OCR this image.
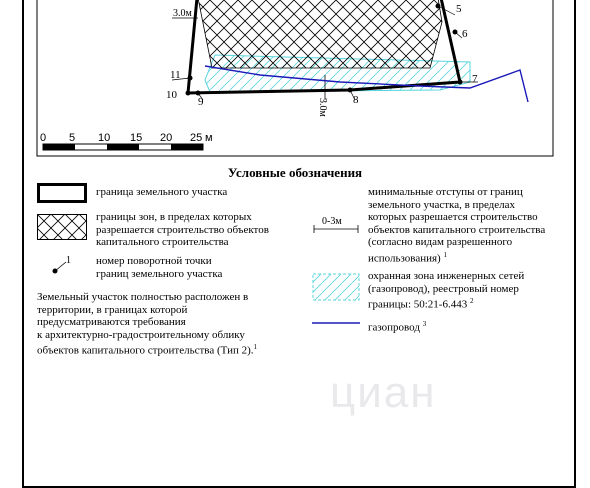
5
6
7
8
9
10
11
3.0м
3.0м
0 5 10 15 20 25 м
Условные обозначения
1
0-3м
граница земельного участка
границы зон, в пределах которых
разрешается строительство объектов
капитального строительства
номер поворотной точки
границ земельного участка
минимальные отступы от границ
земельного участка, в пределах
которых разрешается строительство
объектов капитального строительства
(согласно видам разрешенного
использования) $^1$
охранная зона инженерных сетей
(газопровод), реестровый номер
границы: 50:21-6.443 $^2$
газопровод $^3$
Земельный участок полностью расположен в
территории, в границах которой
предусматриваются требования
к архитектурно-градостроительному облику
объектов капитального строительства (Тип 2).$^1$
циан
